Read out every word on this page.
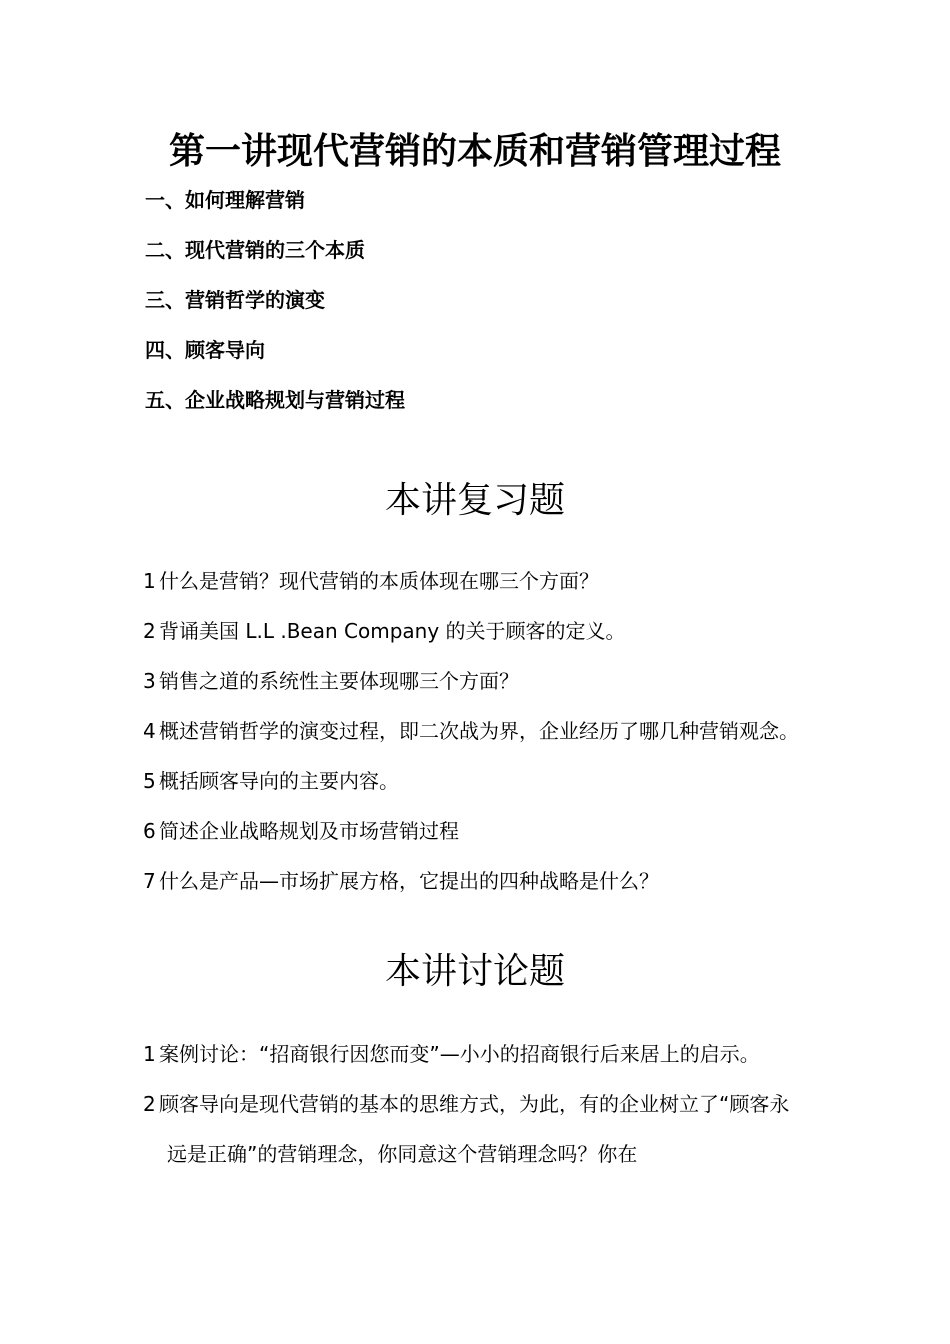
第一讲现代营销的本质和营销管理过程
一、如何理解营销
二、现代营销的三个本质
三、营销哲学的演变
四、顾客导向
五、企业战略规划与营销过程
本讲复习题
1 什么是营销？现代营销的本质体现在哪三个方面？
2 背诵美国 L.L .Bean Company 的关于顾客的定义。
3 销售之道的系统性主要体现哪三个方面？
4 概述营销哲学的演变过程，即二次战为界，企业经历了哪几种营销观念。
5 概括顾客导向的主要内容。
6 简述企业战略规划及市场营销过程
7 什么是产品—市场扩展方格，它提出的四种战略是什么？
本讲讨论题
1 案例讨论：“招商银行因您而变”—小小的招商银行后来居上的启示。
2 顾客导向是现代营销的基本的思维方式，为此，有的企业树立了“顾客永远是正确”的营销理念，你同意这个营销理念吗？你在
